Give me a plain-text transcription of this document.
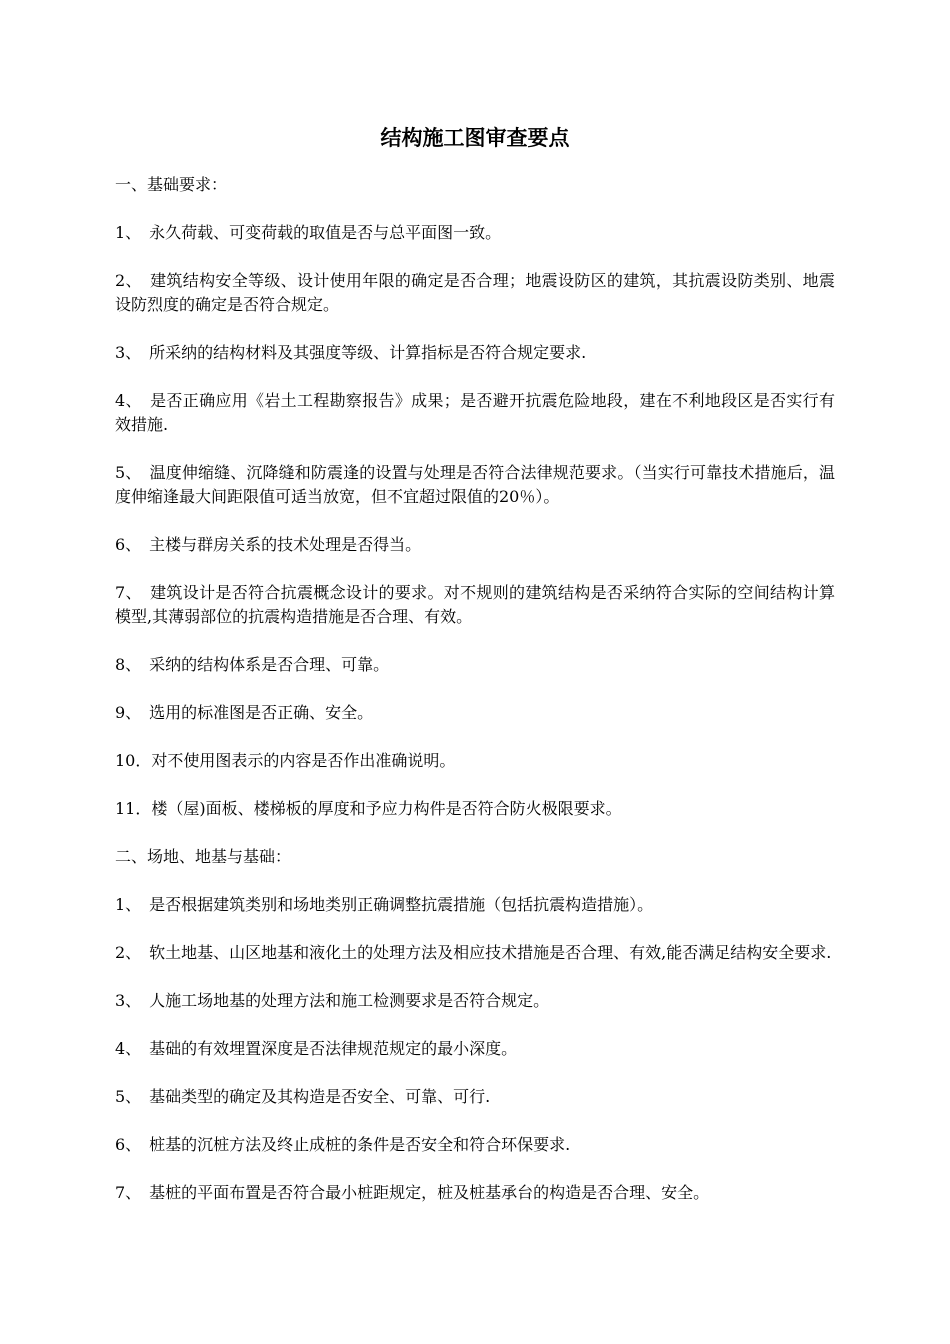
结构施工图审查要点

一、基础要求：

1、　永久荷载、可变荷载的取值是否与总平面图一致。

2、　建筑结构安全等级、设计使用年限的确定是否合理；地震设防区的建筑，其抗震设防类别、地震设防烈度的确定是否符合规定。

3、　所采纳的结构材料及其强度等级、计算指标是否符合规定要求.

4、　是否正确应用《岩土工程勘察报告》成果；是否避开抗震危险地段，建在不利地段区是否实行有效措施.

5、　温度伸缩缝、沉降缝和防震逢的设置与处理是否符合法律规范要求。（当实行可靠技术措施后，温度伸缩逢最大间距限值可适当放宽，但不宜超过限值的20％）。

6、　主楼与群房关系的技术处理是否得当。

7、　建筑设计是否符合抗震概念设计的要求。对不规则的建筑结构是否采纳符合实际的空间结构计算模型,其薄弱部位的抗震构造措施是否合理、有效。

8、　采纳的结构体系是否合理、可靠。

9、　选用的标准图是否正确、安全。

10．对不使用图表示的内容是否作出准确说明。

11．楼（屋)面板、楼梯板的厚度和予应力构件是否符合防火极限要求。

二、场地、地基与基础：

1、　是否根据建筑类别和场地类别正确调整抗震措施（包括抗震构造措施）。

2、　软土地基、山区地基和液化土的处理方法及相应技术措施是否合理、有效,能否满足结构安全要求.

3、　人施工场地基的处理方法和施工检测要求是否符合规定。

4、　基础的有效埋置深度是否法律规范规定的最小深度。

5、　基础类型的确定及其构造是否安全、可靠、可行.

6、　桩基的沉桩方法及终止成桩的条件是否安全和符合环保要求.

7、　基桩的平面布置是否符合最小桩距规定，桩及桩基承台的构造是否合理、安全。
